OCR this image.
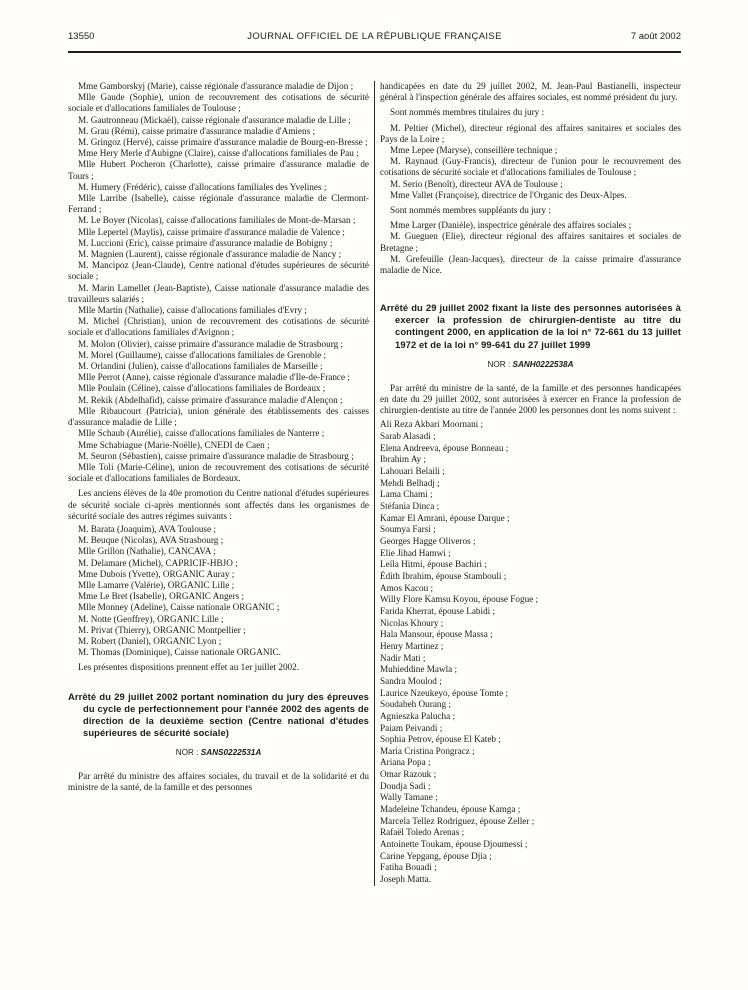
13550	JOURNAL OFFICIEL DE LA RÉPUBLIQUE FRANÇAISE	7 août 2002

Mme Gamborskyj (Marie), caisse régionale d'assurance maladie de Dijon ;

Mlle Gaude (Sophie), union de recouvrement des cotisations de sécurité sociale et d'allocations familiales de Toulouse ;

M. Gautronneau (Mickaël), caisse régionale d'assurance maladie de Lille ;

M. Grau (Rémi), caisse primaire d'assurance maladie d'Amiens ;

M. Gringoz (Hervé), caisse primaire d'assurance maladie de Bourg-en-Bresse ;

Mme Hery Merle d'Aubigne (Claire), caisse d'allocations familiales de Pau ;

Mlle Hubert Pocheron (Charlotte), caisse primaire d'assurance maladie de Tours ;

M. Humery (Frédéric), caisse d'allocations familiales des Yvelines ;

Mlle Larribe (Isabelle), caisse régionale d'assurance maladie de Clermont-Ferrand ;

M. Le Boyer (Nicolas), caisse d'allocations familiales de Mont-de-Marsan ;

Mlle Lepertel (Maylis), caisse primaire d'assurance maladie de Valence ;

M. Luccioni (Eric), caisse primaire d'assurance maladie de Bobigny ;

M. Magnien (Laurent), caisse régionale d'assurance maladie de Nancy ;

M. Mancipoz (Jean-Claude), Centre national d'études supérieures de sécurité sociale ;

M. Marin Lamellet (Jean-Baptiste), Caisse nationale d'assurance maladie des travailleurs salariés ;

Mlle Martin (Nathalie), caisse d'allocations familiales d'Evry ;

M. Michel (Christian), union de recouvrement des cotisations de sécurité sociale et d'allocations familiales d'Avignon ;

M. Molon (Olivier), caisse primaire d'assurance maladie de Strasbourg ;

M. Morel (Guillaume), caisse d'allocations familiales de Grenoble ;

M. Orlandini (Julien), caisse d'allocations familiales de Marseille ;

Mlle Perrot (Anne), caisse régionale d'assurance maladie d'Ile-de-France ;

Mlle Poulain (Céline), caisse d'allocations familiales de Bordeaux ;

M. Rekik (Abdelhafid), caisse primaire d'assurance maladie d'Alençon ;

Mlle Ribaucourt (Patricia), union générale des établissements des caisses d'assurance maladie de Lille ;

Mlle Schaub (Aurélie), caisse d'allocations familiales de Nanterre ;

Mme Schabiague (Marie-Noëlle), CNEDI de Caen ;

M. Seuron (Sébastien), caisse primaire d'assurance maladie de Strasbourg ;

Mlle Toli (Marie-Céline), union de recouvrement des cotisations de sécurité sociale et d'allocations familiales de Bordeaux.

Les anciens élèves de la 40e promotion du Centre national d'études supérieures de sécurité sociale ci-après mentionnés sont affectés dans les organismes de sécurité sociale des autres régimes suivants :

M. Barata (Joaquim), AVA Toulouse ;

M. Beuque (Nicolas), AVA Strasbourg ;

Mlle Grillon (Nathalie), CANCAVA ;

M. Delamare (Michel), CAPRICIF-HBJO ;

Mme Dubois (Yvette), ORGANIC Auray ;

Mlle Lamarre (Valérie), ORGANIC Lille ;

Mme Le Bret (Isabelle), ORGANIC Angers ;

Mlle Monney (Adeline), Caisse nationale ORGANIC ;

M. Notte (Geoffrey), ORGANIC Lille ;

M. Privat (Thierry), ORGANIC Montpellier ;

M. Robert (Daniel), ORGANIC Lyon ;

M. Thomas (Dominique), Caisse nationale ORGANIC.

Les présentes dispositions prennent effet au 1er juillet 2002.

Arrêté du 29 juillet 2002 portant nomination du jury des épreuves du cycle de perfectionnement pour l'année 2002 des agents de direction de la deuxième section (Centre national d'études supérieures de sécurité sociale)

NOR : SANS0222531A

Par arrêté du ministre des affaires sociales, du travail et de la solidarité et du ministre de la santé, de la famille et des personnes

handicapées en date du 29 juillet 2002, M. Jean-Paul Bastianelli, inspecteur général à l'inspection générale des affaires sociales, est nommé président du jury.

Sont nommés membres titulaires du jury :

M. Peltier (Michel), directeur régional des affaires sanitaires et sociales des Pays de la Loire ;

Mme Lepee (Maryse), conseillère technique ;

M. Raynaud (Guy-Francis), directeur de l'union pour le recouvrement des cotisations de sécurité sociale et d'allocations familiales de Toulouse ;

M. Serio (Benoît), directeur AVA de Toulouse ;

Mme Vallet (Françoise), directrice de l'Organic des Deux-Alpes.

Sont nommés membres suppléants du jury :

Mme Larger (Danièle), inspectrice générale des affaires sociales ;

M. Gueguen (Elie), directeur régional des affaires sanitaires et sociales de Bretagne ;

M. Grefeuille (Jean-Jacques), directeur de la caisse primaire d'assurance maladie de Nice.

Arrêté du 29 juillet 2002 fixant la liste des personnes autorisées à exercer la profession de chirurgien-dentiste au titre du contingent 2000, en application de la loi n° 72-661 du 13 juillet 1972 et de la loi n° 99-641 du 27 juillet 1999

NOR : SANH0222538A

Par arrêté du ministre de la santé, de la famille et des personnes handicapées en date du 29 juillet 2002, sont autorisées à exercer en France la profession de chirurgien-dentiste au titre de l'année 2000 les personnes dont les noms suivent :

Ali Reza Akbari Moornani ;

Sarab Alasadi ;

Elena Andreeva, épouse Bonneau ;

Ibrahim Ay ;

Lahouari Belaili ;

Mehdi Belhadj ;

Lama Chami ;

Stéfania Dinca ;

Kamar El Amrani, épouse Darque ;

Soumya Farsi ;

Georges Hagge Oliveros ;

Elie Jihad Hamwi ;

Leïla Hitmi, épouse Bachiri ;

Édith Ibrahim, épouse Stambouli ;

Amos Kacou ;

Willy Flore Kamsu Koyou, épouse Fogue ;

Farida Kherrat, épouse Labidi ;

Nicolas Khoury ;

Hala Mansour, épouse Massa ;

Henry Martinez ;

Nadir Mati ;

Muhieddine Mawla ;

Sandra Moulod ;

Laurice Nzeukeyo, épouse Tomte ;

Soudabeh Ourang ;

Agnieszka Palucha ;

Paiam Peivandi ;

Sophia Petrov, épouse El Kateb ;

Maria Cristina Pongracz ;

Ariana Popa ;

Omar Razouk ;

Doudja Sadi ;

Wally Tamane ;

Madeleine Tchandeu, épouse Kamga ;

Marcela Tellez Rodriguez, épouse Zeller ;

Rafaël Toledo Arenas ;

Antoinette Toukam, épouse Djoumessi ;

Carine Yepgang, épouse Djia ;

Fatiha Bouadi ;

Joseph Matta.
